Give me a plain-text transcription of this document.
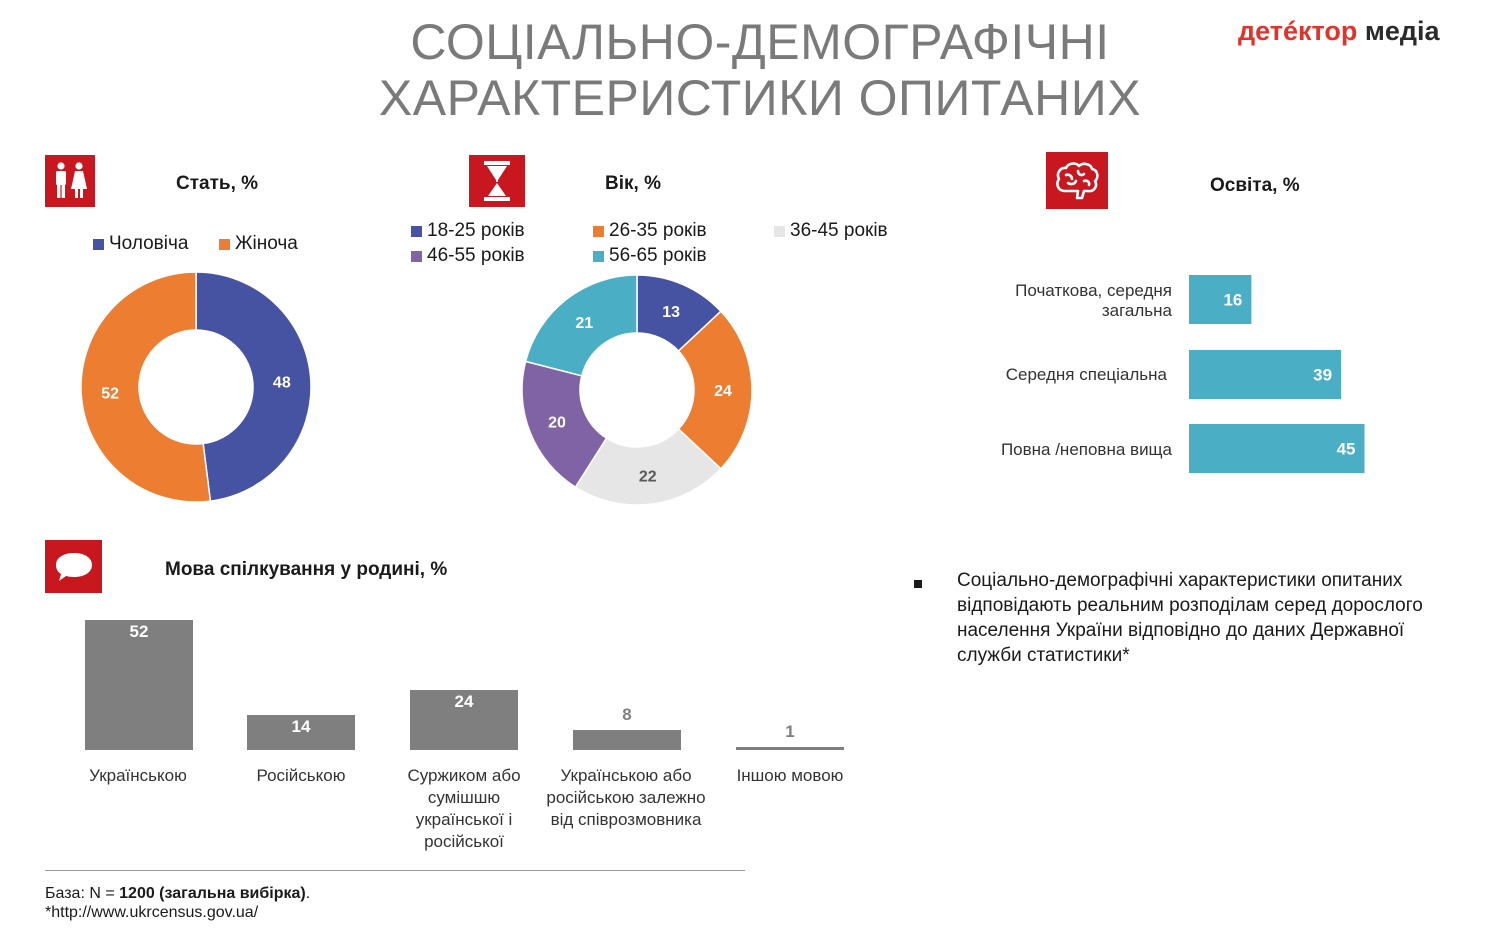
СОЦІАЛЬНО-ДЕМОГРАФІЧНІ
ХАРАКТЕРИСТИКИ ОПИТАНИХ
детéктор медіа
Стать, %
Чоловіча Жіноча
48
52
Вік, %
18-25 років	26-35 років	36-45 років
46-55 років	56-65 років
13
24
22
20
21
Освіта, %
Початкова, середня загальна
Середня спеціальна
Повна /неповна вища
16
39
45
Мова спілкування у родині, %
52
14
24
8
1
Українською	Російською	Суржиком або сумішшю української і російської
Українською або російською залежно від співрозмовника
Іншою мовою
Соціально-демографічні характеристики опитаних відповідають реальним розподілам серед дорослого населення України відповідно до даних Державної служби статистики*
База: N = 1200 (загальна вибірка).
*http://www.ukrcensus.gov.ua/
